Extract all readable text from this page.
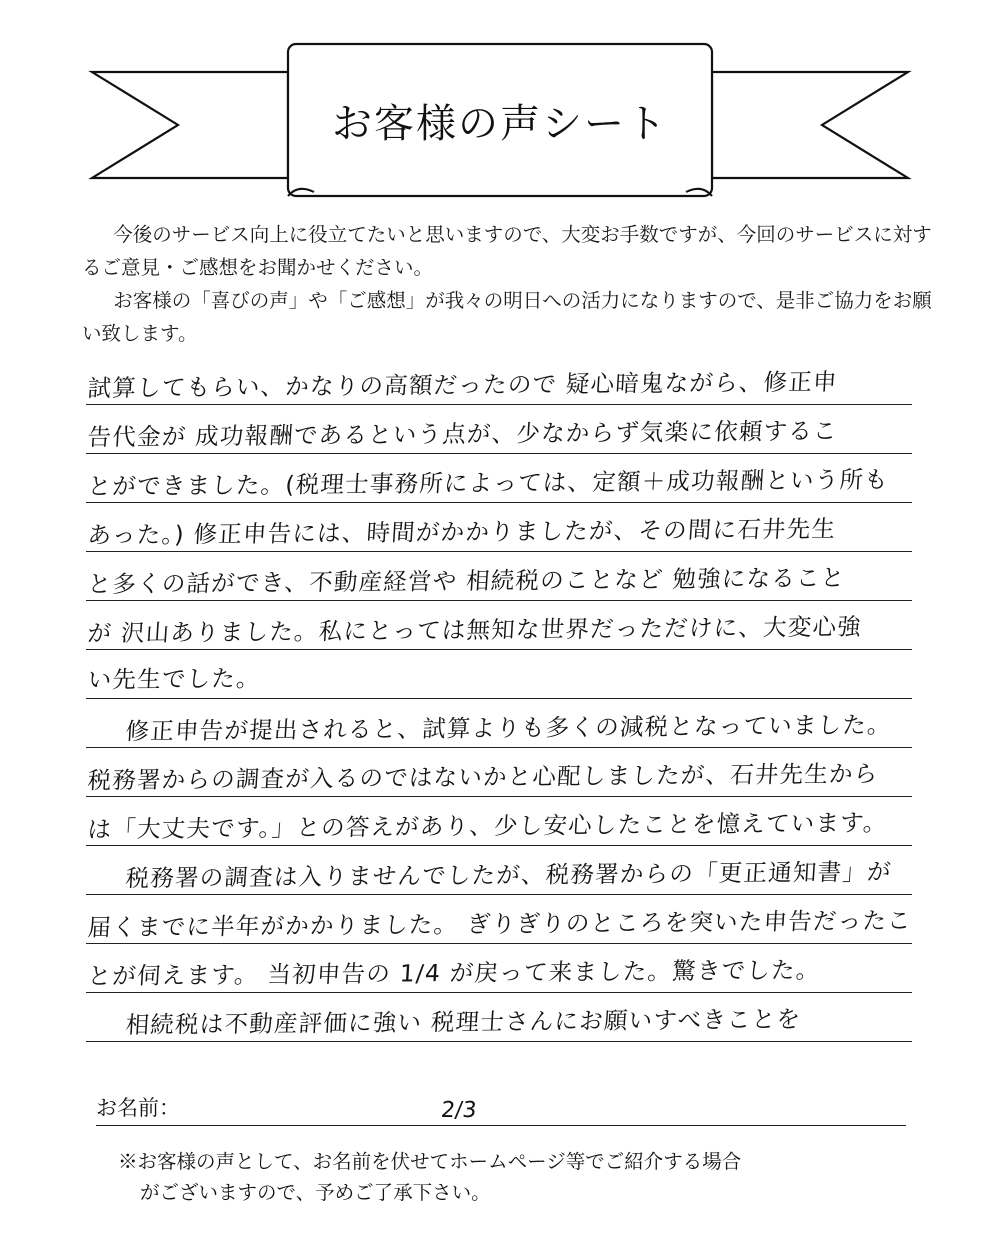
お客様の声シート

今後のサービス向上に役立てたいと思いますので、大変お手数ですが、今回のサービスに対するご意見・ご感想をお聞かせください。

お客様の「喜びの声」や「ご感想」が我々の明日への活力になりますので、是非ご協力をお願い致します。

試算してもらい、かなりの高額だったので 疑心暗鬼ながら、修正申
告代金が 成功報酬であるという点が、少なからず気楽に依頼するこ
とができました。(税理士事務所によっては、定額＋成功報酬という所も
あった。) 修正申告には、時間がかかりましたが、その間に石井先生
と多くの話ができ、不動産経営や 相続税のことなど 勉強になること
が 沢山ありました。私にとっては無知な世界だっただけに、大変心強
い先生でした。
修正申告が提出されると、試算よりも多くの減税となっていました。
税務署からの調査が入るのではないかと心配しましたが、石井先生から
は「大丈夫です。」との答えがあり、少し安心したことを憶えています。
税務署の調査は入りませんでしたが、税務署からの「更正通知書」が
届くまでに半年がかかりました。 ぎりぎりのところを突いた申告だったこ
とが伺えます。 当初申告の 1/4 が戻って来ました。驚きでした。
相続税は不動産評価に強い 税理士さんにお願いすべきことを
お名前：	2/3
※お客様の声として、お名前を伏せてホームページ等でご紹介する場合
がございますので、予めご了承下さい。
